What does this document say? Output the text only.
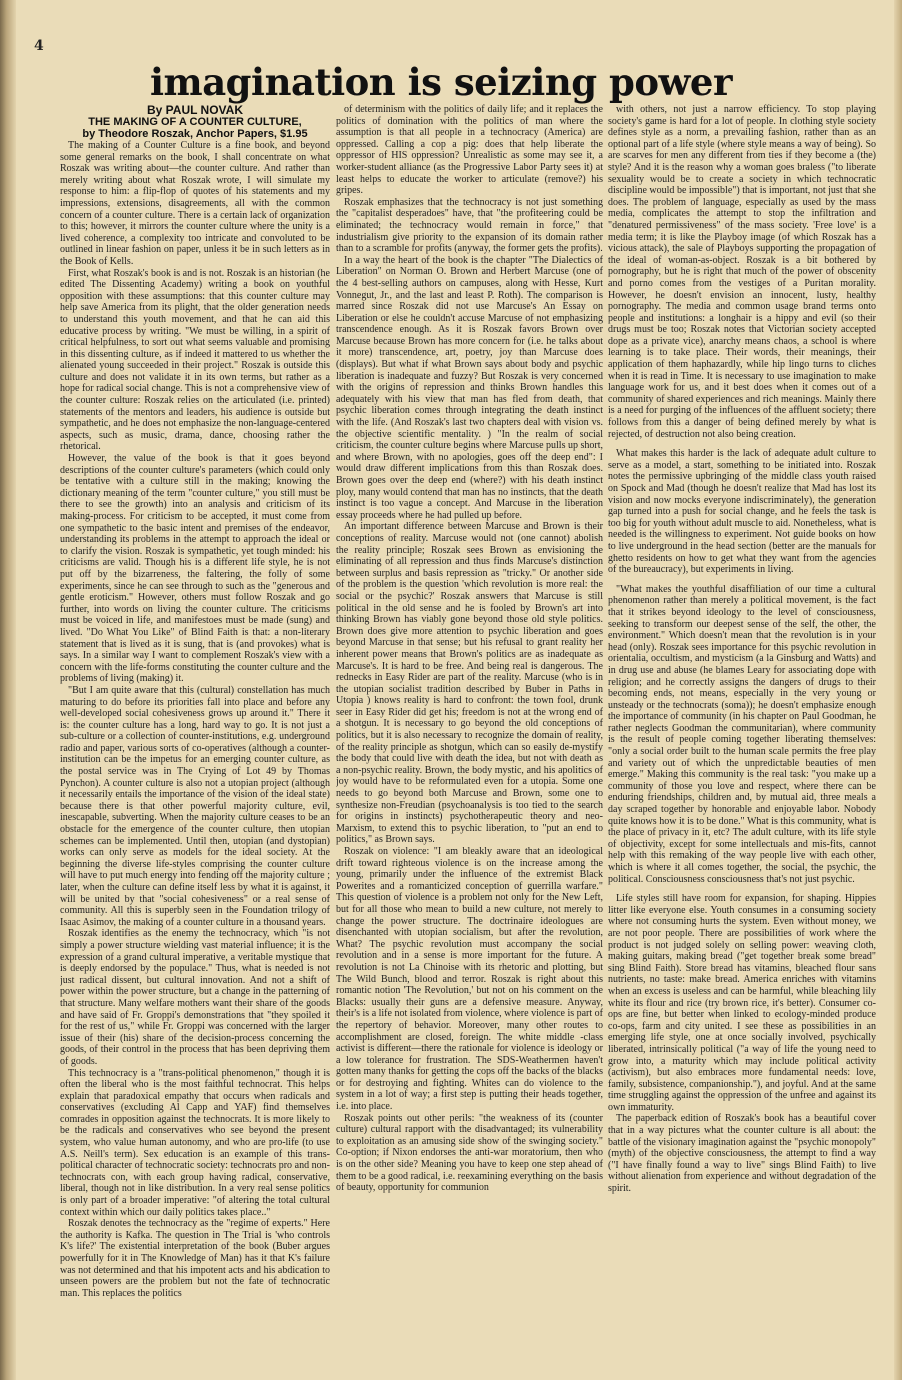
4
imagination is seizing power
By PAUL NOVAK
THE MAKING OF A COUNTER CULTURE,
by Theodore Roszak, Anchor Papers, $1.95

The making of a Counter Culture is a fine book, and beyond some general remarks on the book, I shall concentrate on what Roszak was writing about—the counter culture. And rather than merely writing about what Roszak wrote, I will simulate my response to him: a flip-flop of quotes of his statements and my impressions, extensions, disagreements, all with the common concern of a counter culture. There is a certain lack of organization to this; however, it mirrors the counter culture where the unity is a lived coherence, a complexity too intricate and convoluted to be outlined in linear fashion on paper, unless it be in such letters as in the Book of Kells.

First, what Roszak's book is and is not. Roszak is an historian (he edited The Dissenting Academy) writing a book on youthful opposition with these assumptions: that this counter culture may help save America from its plight, that the older generation needs to understand this youth movement, and that he can aid this educative process by writing. "We must be willing, in a spirit of critical helpfulness, to sort out what seems valuable and promising in this dissenting culture, as if indeed it mattered to us whether the alienated young succeeded in their project." Roszak is outside this culture and does not validate it in its own terms, but rather as a hope for radical social change. This is not a comprehensive view of the counter culture: Roszak relies on the articulated (i.e. printed) statements of the mentors and leaders, his audience is outside but sympathetic, and he does not emphasize the non-language-centered aspects, such as music, drama, dance, choosing rather the rhetorical.

However, the value of the book is that it goes beyond descriptions of the counter culture's parameters (which could only be tentative with a culture still in the making; knowing the dictionary meaning of the term "counter culture," you still must be there to see the growth) into an analysis and criticism of its making-process. For criticism to be accepted, it must come from one sympathetic to the basic intent and premises of the endeavor, understanding its problems in the attempt to approach the ideal or to clarify the vision. Roszak is sympathetic, yet tough minded: his criticisms are valid. Though his is a different life style, he is not put off by the bizarreness, the faltering, the folly of some experiments, since he can see through to such as the "generous and gentle eroticism." However, others must follow Roszak and go further, into words on living the counter culture. The criticisms must be voiced in life, and manifestoes must be made (sung) and lived. "Do What You Like" of Blind Faith is that: a non-literary statement that is lived as it is sung, that is (and provokes) what is says. In a similar way I want to complement Roszak's view with a concern with the life-forms constituting the counter culture and the problems of living (making) it.

"But I am quite aware that this (cultural) constellation has much maturing to do before its priorities fall into place and before any well-developed social cohesiveness grows up around it." There it is: the counter culture has a long, hard way to go. It is not just a sub-culture or a collection of counter-institutions, e.g. underground radio and paper, various sorts of co-operatives (although a counter-institution can be the impetus for an emerging counter culture, as the postal service was in The Crying of Lot 49 by Thomas Pynchon). A counter culture is also not a utopian project (although it necessarily entails the importance of the vision of the ideal state) because there is that other powerful majority culture, evil, inescapable, subverting. When the majority culture ceases to be an obstacle for the emergence of the counter culture, then utopian schemes can be implemented. Until then, utopian (and dystopian) works can only serve as models for the ideal society. At the beginning the diverse life-styles comprising the counter culture will have to put much energy into fending off the majority culture ; later, when the culture can define itself less by what it is against, it will be united by that "social cohesiveness" or a real sense of community. All this is superbly seen in the Foundation trilogy of Isaac Asimov, the making of a counter culture in a thousand years.

Roszak identifies as the enemy the technocracy, which "is not simply a power structure wielding vast material influence; it is the expression of a grand cultural imperative, a veritable mystique that is deeply endorsed by the populace." Thus, what is needed is not just radical dissent, but cultural innovation. And not a shift of power within the power structure, but a change in the patterning of that structure. Many welfare mothers want their share of the goods and have said of Fr. Groppi's demonstrations that "they spoiled it for the rest of us," while Fr. Groppi was concerned with the larger issue of their (his) share of the decision-process concerning the goods, of their control in the process that has been depriving them of goods.

This technocracy is a "trans-political phenomenon," though it is often the liberal who is the most faithful technocrat. This helps explain that paradoxical empathy that occurs when radicals and conservatives (excluding Al Capp and YAF) find themselves comrades in opposition against the technocrats. It is more likely to be the radicals and conservatives who see beyond the present system, who value human autonomy, and who are pro-life (to use A.S. Neill's term). Sex education is an example of this trans-political character of technocratic society: technocrats pro and non-technocrats con, with each group having radical, conservative, liberal, though not in like distribution. In a very real sense politics is only part of a broader imperative: "of altering the total cultural context within which our daily politics takes place.."

Roszak denotes the technocracy as the "regime of experts." Here the authority is Kafka. The question in The Trial is 'who controls K's life?' The existential interpretation of the book (Buber argues powerfully for it in The Knowledge of Man) has it that K's failure was not determined and that his impotent acts and his abdication to unseen powers are the problem but not the fate of technocratic man. This replaces the politics

of determinism with the politics of daily life; and it replaces the politics of domination with the politics of man where the assumption is that all people in a technocracy (America) are oppressed. Calling a cop a pig: does that help liberate the oppressor of HIS oppression? Unrealistic as some may see it, a worker-student alliance (as the Progressive Labor Party sees it) at least helps to educate the worker to articulate (remove?) his gripes.

Roszak emphasizes that the technocracy is not just something the "capitalist desperadoes" have, that "the profiteering could be eliminated; the technocracy would remain in force," that industrialism give priority to the expansion of its domain rather than to a scramble for profits (anyway, the former gets the profits).

In a way the heart of the book is the chapter "The Dialectics of Liberation" on Norman O. Brown and Herbert Marcuse (one of the 4 best-selling authors on campuses, along with Hesse, Kurt Vonnegut, Jr., and the last and least P. Roth). The comparison is marred since Roszak did not use Marcuse's An Essay on Liberation or else he couldn't accuse Marcuse of not emphasizing transcendence enough. As it is Roszak favors Brown over Marcuse because Brown has more concern for (i.e. he talks about it more) transcendence, art, poetry, joy than Marcuse does (displays). But what if what Brown says about body and psychic liberation is inadequate and fuzzy? But Roszak is very concerned with the origins of repression and thinks Brown handles this adequately with his view that man has fled from death, that psychic liberation comes through integrating the death instinct with the life. (And Roszak's last two chapters deal with vision vs. the objective scientific mentality. ) "In the realm of social criticism, the counter culture begins where Marcuse pulls up short, and where Brown, with no apologies, goes off the deep end": I would draw different implications from this than Roszak does. Brown goes over the deep end (where?) with his death instinct ploy, many would contend that man has no instincts, that the death instinct is too vague a concept. And Marcuse in the liberation essay proceeds where he had pulled up before.

An important difference between Marcuse and Brown is their conceptions of reality. Marcuse would not (one cannot) abolish the reality principle; Roszak sees Brown as envisioning the eliminating of all repression and thus finds Marcuse's distinction between surplus and basis repression as "tricky." Or another side of the problem is the question 'which revolution is more real: the social or the psychic?' Roszak answers that Marcuse is still political in the old sense and he is fooled by Brown's art into thinking Brown has viably gone beyond those old style politics. Brown does give more attention to psychic liberation and goes beyond Marcuse in that sense; but his refusal to grant reality her inherent power means that Brown's politics are as inadequate as Marcuse's. It is hard to be free. And being real is dangerous. The rednecks in Easy Rider are part of the reality. Marcuse (who is in the utopian socialist tradition described by Buber in Paths in Utopia ) knows reality is hard to confront: the town fool, drunk seer in Easy Rider did get his; freedom is not at the wrong end of a shotgun. It is necessary to go beyond the old conceptions of politics, but it is also necessary to recognize the domain of reality, of the reality principle as shotgun, which can so easily de-mystify the body that could live with death the idea, but not with death as a non-psychic reality. Brown, the body mystic, and his apolitics of joy would have to be reformulated even for a utopia. Some one needs to go beyond both Marcuse and Brown, some one to synthesize non-Freudian (psychoanalysis is too tied to the search for origins in instincts) psychotherapeutic theory and neo-Marxism, to extend this to psychic liberation, to "put an end to politics," as Brown says.

Roszak on violence: "I am bleakly aware that an ideological drift toward righteous violence is on the increase among the young, primarily under the influence of the extremist Black Powerites and a romanticized conception of guerrilla warfare." This question of violence is a problem not only for the New Left, but for all those who mean to build a new culture, not merely to change the power structure. The doctrinaire ideologues are disenchanted with utopian socialism, but after the revolution, What? The psychic revolution must accompany the social revolution and in a sense is more important for the future. A revolution is not La Chinoise with its rhetoric and plotting, but The Wild Bunch, blood and terror. Roszak is right about this romantic notion 'The Revolution,' but not on his comment on the Blacks: usually their guns are a defensive measure. Anyway, their's is a life not isolated from violence, where violence is part of the repertory of behavior. Moreover, many other routes to accomplishment are closed, foreign. The white middle -class activist is different—there the rationale for violence is ideology or a low tolerance for frustration. The SDS-Weathermen haven't gotten many thanks for getting the cops off the backs of the blacks or for destroying and fighting. Whites can do violence to the system in a lot of way; a first step is putting their heads together, i.e. into place.

Roszak points out other perils: "the weakness of its (counter culture) cultural rapport with the disadvantaged; its vulnerability to exploitation as an amusing side show of the swinging society." Co-option; if Nixon endorses the anti-war moratorium, then who is on the other side? Meaning you have to keep one step ahead of them to be a good radical, i.e. reexamining everything on the basis of beauty, opportunity for communion

with others, not just a narrow efficiency. To stop playing society's game is hard for a lot of people. In clothing style society defines style as a norm, a prevailing fashion, rather than as an optional part of a life style (where style means a way of being). So are scarves for men any different from ties if they become a (the) style? And it is the reason why a woman goes braless ("to liberate sexuality would be to create a society in which technocratic discipline would be impossible") that is important, not just that she does. The problem of language, especially as used by the mass media, complicates the attempt to stop the infiltration and "denatured permissiveness" of the mass society. 'Free love' is a media term; it is like the Playboy image (of which Roszak has a vicious attack), the sale of Playboys supporting the propagation of the ideal of woman-as-object. Roszak is a bit bothered by pornography, but he is right that much of the power of obscenity and porno comes from the vestiges of a Puritan morality. However, he doesn't envision an innocent, lusty, healthy pornography. The media and common usage brand terms onto people and institutions: a longhair is a hippy and evil (so their drugs must be too; Roszak notes that Victorian society accepted dope as a private vice), anarchy means chaos, a school is where learning is to take place. Their words, their meanings, their application of them haphazardly, while hip lingo turns to cliches when it is read in Time. It is necessary to use imagination to make language work for us, and it best does when it comes out of a community of shared experiences and rich meanings. Mainly there is a need for purging of the influences of the affluent society; there follows from this a danger of being defined merely by what is rejected, of destruction not also being creation.

What makes this harder is the lack of adequate adult culture to serve as a model, a start, something to be initiated into. Roszak notes the permissive upbringing of the middle class youth raised on Spock and Mad (though he doesn't realize that Mad has lost its vision and now mocks everyone indiscriminately), the generation gap turned into a push for social change, and he feels the task is too big for youth without adult muscle to aid. Nonetheless, what is needed is the willingness to experiment. Not guide books on how to live underground in the head section (better are the manuals for ghetto residents on how to get what they want from the agencies of the bureaucracy), but experiments in living.

"What makes the youthful disaffiliation of our time a cultural phenomenon rather than merely a political movement, is the fact that it strikes beyond ideology to the level of consciousness, seeking to transform our deepest sense of the self, the other, the environment." Which doesn't mean that the revolution is in your head (only). Roszak sees importance for this psychic revolution in orientalia, occultism, and mysticism (a la Ginsburg and Watts) and in drug use and abuse (he blames Leary for associating dope with religion; and he correctly assigns the dangers of drugs to their becoming ends, not means, especially in the very young or unsteady or the technocrats (soma)); he doesn't emphasize enough the importance of community (in his chapter on Paul Goodman, he rather neglects Goodman the communitarian), where community is the result of people coming together liberating themselves: "only a social order built to the human scale permits the free play and variety out of which the unpredictable beauties of men emerge." Making this community is the real task: "you make up a community of those you love and respect, where there can be enduring friendships, children and, by mutual aid, three meals a day scraped together by honorable and enjoyable labor. Nobody quite knows how it is to be done." What is this community, what is the place of privacy in it, etc? The adult culture, with its life style of objectivity, except for some intellectuals and mis-fits, cannot help with this remaking of the way people live with each other, which is where it all comes together, the social, the psychic, the political. Consciousness consciousness that's not just psychic.

Life styles still have room for expansion, for shaping. Hippies litter like everyone else. Youth consumes in a consuming society where not consuming hurts the system. Even without money, we are not poor people. There are possibilities of work where the product is not judged solely on selling power: weaving cloth, making guitars, making bread ("get together break some bread" sing Blind Faith). Store bread has vitamins, bleached flour sans nutrients, no taste: make bread. America enriches with vitamins when an excess is useless and can be harmful, while bleaching lily white its flour and rice (try brown rice, it's better). Consumer co-ops are fine, but better when linked to ecology-minded produce co-ops, farm and city united. I see these as possibilities in an emerging life style, one at once socially involved, psychically liberated, intrinsically political ("a way of life the young need to grow into, a maturity which may include political activity (activism), but also embraces more fundamental needs: love, family, subsistence, companionship."), and joyful. And at the same time struggling against the oppression of the unfree and against its own immaturity.

The paperback edition of Roszak's book has a beautiful cover that in a way pictures what the counter culture is all about: the battle of the visionary imagination against the "psychic monopoly" (myth) of the objective consciousness, the attempt to find a way ("I have finally found a way to live" sings Blind Faith) to live without alienation from experience and without degradation of the spirit.
